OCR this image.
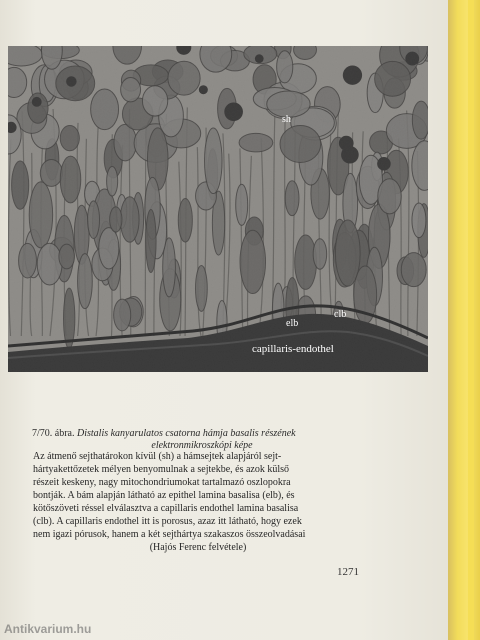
sh
elb
clb
capillaris-endothel
7/70. ábra. Distalis kanyarulatos csatorna hámja basalis részének
elektronmikroszkópi képe

Az átmenő sejthatárokon kívül (sh) a hámsejtek alapjáról sejt-

hártyakettőzetek mélyen benyomulnak a sejtekbe, és azok külső

részeit keskeny, nagy mitochondriumokat tartalmazó oszlopokra

bontják. A bám alapján látható az epithel lamina basalisa (elb), és

kötőszöveti réssel elválasztva a capillaris endothel lamina basalisa

(clb). A capillaris endothel itt is porosus, azaz itt látható, hogy ezek

nem igazi pórusok, hanem a két sejthártya szakaszos összeolvadásai

(Hajós Ferenc felvétele)

1271
Antikvarium.hu
